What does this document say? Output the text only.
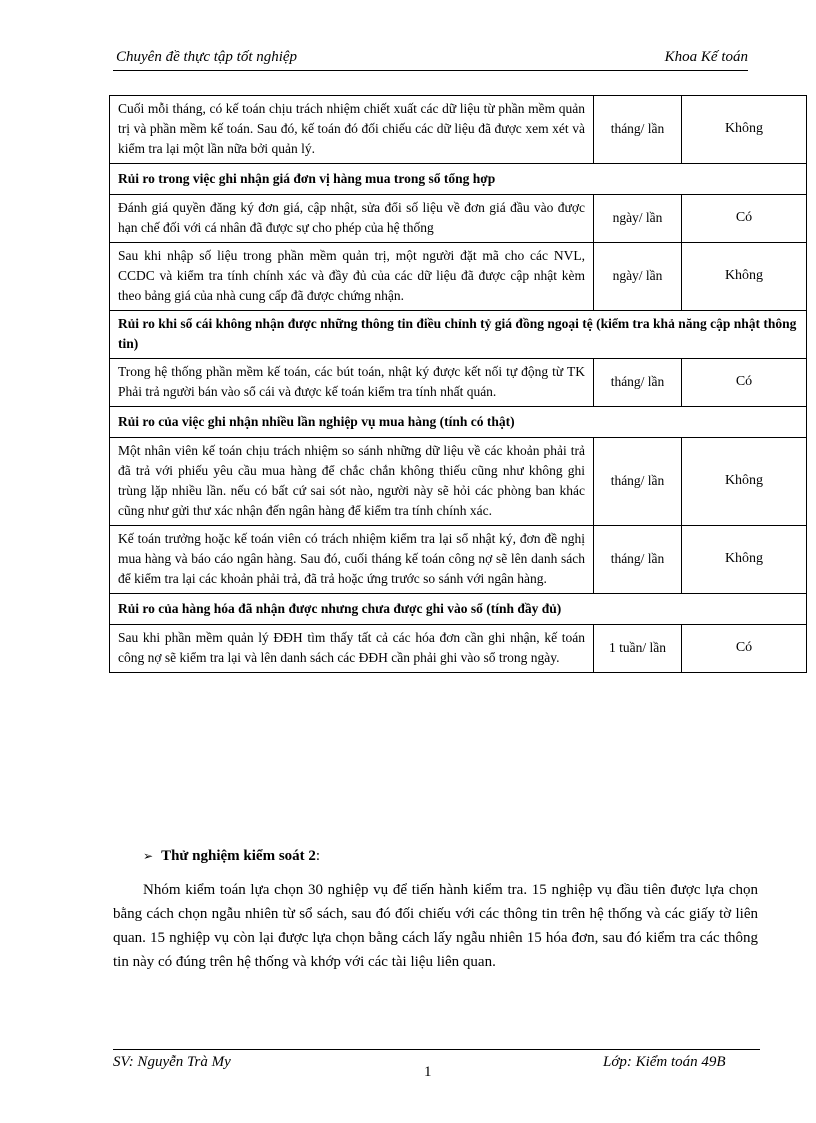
Chuyên đề thực tập tốt nghiệp	Khoa Kế toán
Cuối mỗi tháng, có kế toán chịu trách nhiệm chiết xuất các dữ liệu từ phần mềm quản trị và phần mềm kế toán. Sau đó, kế toán đó đối chiếu các dữ liệu đã được xem xét và kiểm tra lại một lần nữa bởi quản lý.	tháng/ lần	Không
Rủi ro trong việc ghi nhận giá đơn vị hàng mua trong sổ tổng hợp		
Đánh giá quyền đăng ký đơn giá, cập nhật, sửa đổi số liệu về đơn giá đầu vào được hạn chế đối với cá nhân đã được sự cho phép của hệ thống	ngày/ lần	Có
Sau khi nhập số liệu trong phần mềm quản trị, một người đặt mã cho các NVL, CCDC và kiểm tra tính chính xác và đầy đủ của các dữ liệu đã được cập nhật kèm theo bảng giá của nhà cung cấp đã được chứng nhận.	ngày/ lần	Không
Rủi ro khi sổ cái không nhận được những thông tin điều chỉnh tỷ giá đồng ngoại tệ (kiểm tra khả năng cập nhật thông tin)		
Trong hệ thống phần mềm kế toán, các bút toán, nhật ký được kết nối tự động từ TK Phải trả người bán vào sổ cái và được kế toán kiểm tra tính nhất quán.	tháng/ lần	Có
Rủi ro của việc ghi nhận nhiều lần nghiệp vụ mua hàng (tính có thật)		
Một nhân viên kế toán chịu trách nhiệm so sánh những dữ liệu về các khoản phải trả đã trả với phiếu yêu cầu mua hàng để chắc chắn không thiếu cũng như không ghi trùng lặp nhiều lần. nếu có bất cứ sai sót nào, người này sẽ hỏi các phòng ban khác cũng như gửi thư xác nhận đến ngân hàng để kiểm tra tính chính xác.	tháng/ lần	Không
Kế toán trưởng hoặc kế toán viên có trách nhiệm kiểm tra lại sổ nhật ký, đơn đề nghị mua hàng và báo cáo ngân hàng. Sau đó, cuối tháng kế toán công nợ sẽ lên danh sách để kiểm tra lại các khoản phải trả, đã trả hoặc ứng trước so sánh với ngân hàng.	tháng/ lần	Không
Rủi ro của hàng hóa đã nhận được nhưng chưa được ghi vào sổ (tính đầy đủ)		
Sau khi phần mềm quản lý ĐĐH tìm thấy tất cả các hóa đơn cần ghi nhận, kế toán công nợ sẽ kiểm tra lại và lên danh sách các ĐĐH cần phải ghi vào sổ trong ngày.	1 tuần/ lần	Có
➢ Thử nghiệm kiểm soát 2:

Nhóm kiểm toán lựa chọn 30 nghiệp vụ để tiến hành kiểm tra. 15 nghiệp vụ đầu tiên được lựa chọn bằng cách chọn ngẫu nhiên từ sổ sách, sau đó đối chiếu với các thông tin trên hệ thống và các giấy tờ liên quan. 15 nghiệp vụ còn lại được lựa chọn bằng cách lấy ngẫu nhiên 15 hóa đơn, sau đó kiểm tra các thông tin này có đúng trên hệ thống và khớp với các tài liệu liên quan.

SV: Nguyễn Trà My	Lớp: Kiểm toán 49B
1
